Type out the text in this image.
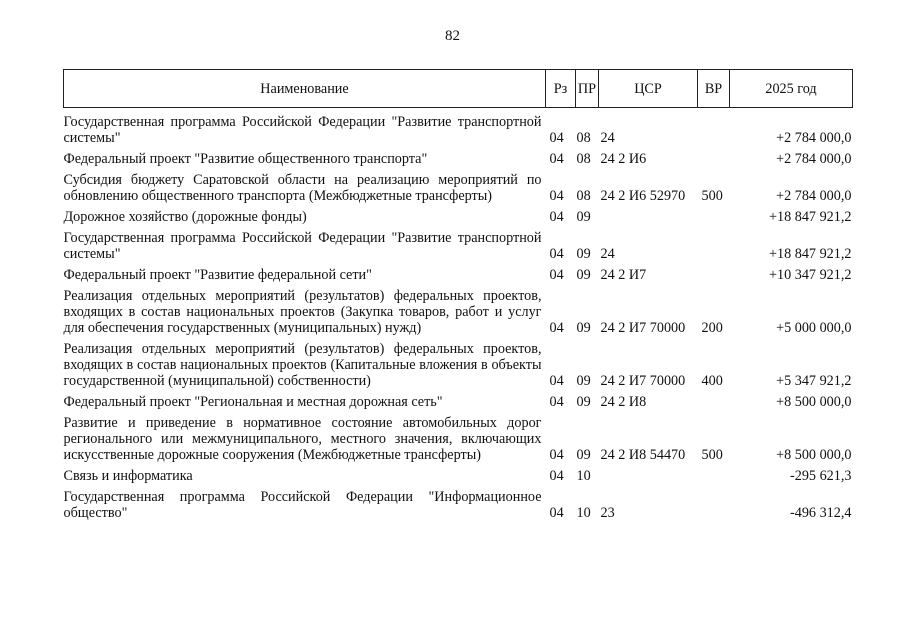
82
Наименование	Рз	ПР	ЦСР	ВР	2025 год
Государственная программа Российской Федерации "Развитие транспортной системы"	04	08	24		+2 784 000,0
Федеральный проект "Развитие общественного транспорта"	04	08	24 2 И6		+2 784 000,0
Субсидия бюджету Саратовской области на реализацию мероприятий по обновлению общественного транспорта (Межбюджетные трансферты)	04	08	24 2 И6 52970	500	+2 784 000,0
Дорожное хозяйство (дорожные фонды)	04	09			+18 847 921,2
Государственная программа Российской Федерации "Развитие транспортной системы"	04	09	24		+18 847 921,2
Федеральный проект "Развитие федеральной сети"	04	09	24 2 И7		+10 347 921,2
Реализация отдельных мероприятий (результатов) федеральных проектов, входящих в состав национальных проектов (Закупка товаров, работ и услуг для обеспечения государственных (муниципальных) нужд)	04	09	24 2 И7 70000	200	+5 000 000,0
Реализация отдельных мероприятий (результатов) федеральных проектов, входящих в состав национальных проектов (Капитальные вложения в объекты государственной (муниципальной) собственности)	04	09	24 2 И7 70000	400	+5 347 921,2
Федеральный проект "Региональная и местная дорожная сеть"	04	09	24 2 И8		+8 500 000,0
Развитие и приведение в нормативное состояние автомобильных дорог регионального или межмуниципального, местного значения, включающих искусственные дорожные сооружения (Межбюджетные трансферты)	04	09	24 2 И8 54470	500	+8 500 000,0
Связь и информатика	04	10			-295 621,3
Государственная программа Российской Федерации "Информационное общество"	04	10	23		-496 312,4
